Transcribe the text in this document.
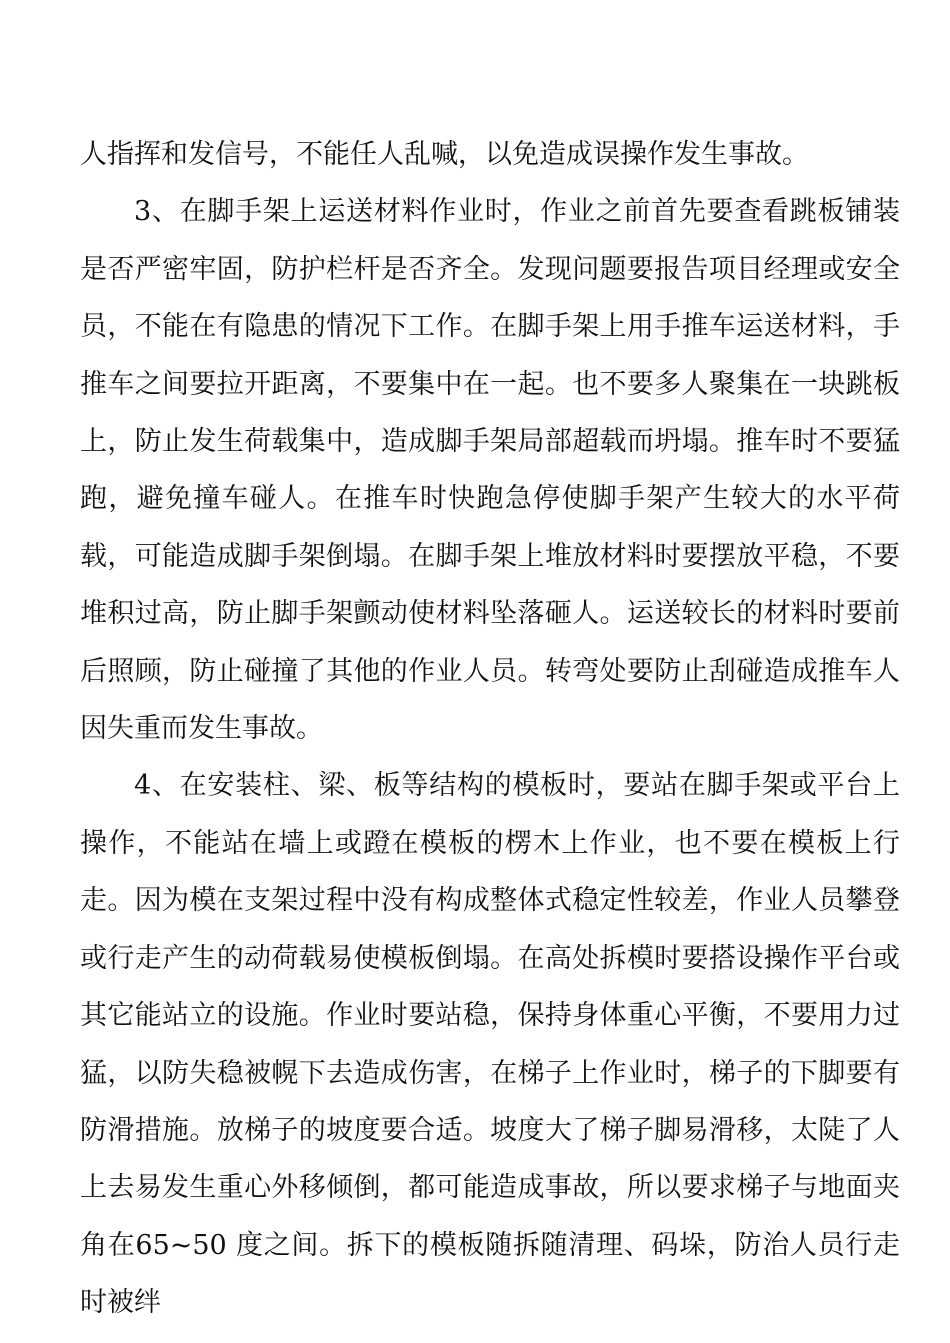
人指挥和发信号，不能任人乱喊，以免造成误操作发生事故。

3、在脚手架上运送材料作业时，作业之前首先要查看跳板铺装是否严密牢固，防护栏杆是否齐全。发现问题要报告项目经理或安全员，不能在有隐患的情况下工作。在脚手架上用手推车运送材料，手推车之间要拉开距离，不要集中在一起。也不要多人聚集在一块跳板上，防止发生荷载集中，造成脚手架局部超载而坍塌。推车时不要猛跑，避免撞车碰人。在推车时快跑急停使脚手架产生较大的水平荷载，可能造成脚手架倒塌。在脚手架上堆放材料时要摆放平稳，不要堆积过高，防止脚手架颤动使材料坠落砸人。运送较长的材料时要前后照顾，防止碰撞了其他的作业人员。转弯处要防止刮碰造成推车人因失重而发生事故。

4、在安装柱、梁、板等结构的模板时，要站在脚手架或平台上操作，不能站在墙上或蹬在模板的楞木上作业，也不要在模板上行走。因为模在支架过程中没有构成整体式稳定性较差，作业人员攀登或行走产生的动荷载易使模板倒塌。在高处拆模时要搭设操作平台或其它能站立的设施。作业时要站稳，保持身体重心平衡，不要用力过猛，以防失稳被幌下去造成伤害，在梯子上作业时，梯子的下脚要有防滑措施。放梯子的坡度要合适。坡度大了梯子脚易滑移，太陡了人上去易发生重心外移倾倒，都可能造成事故，所以要求梯子与地面夹角在65~50 度之间。拆下的模板随拆随清理、码垛，防治人员行走时被绊
